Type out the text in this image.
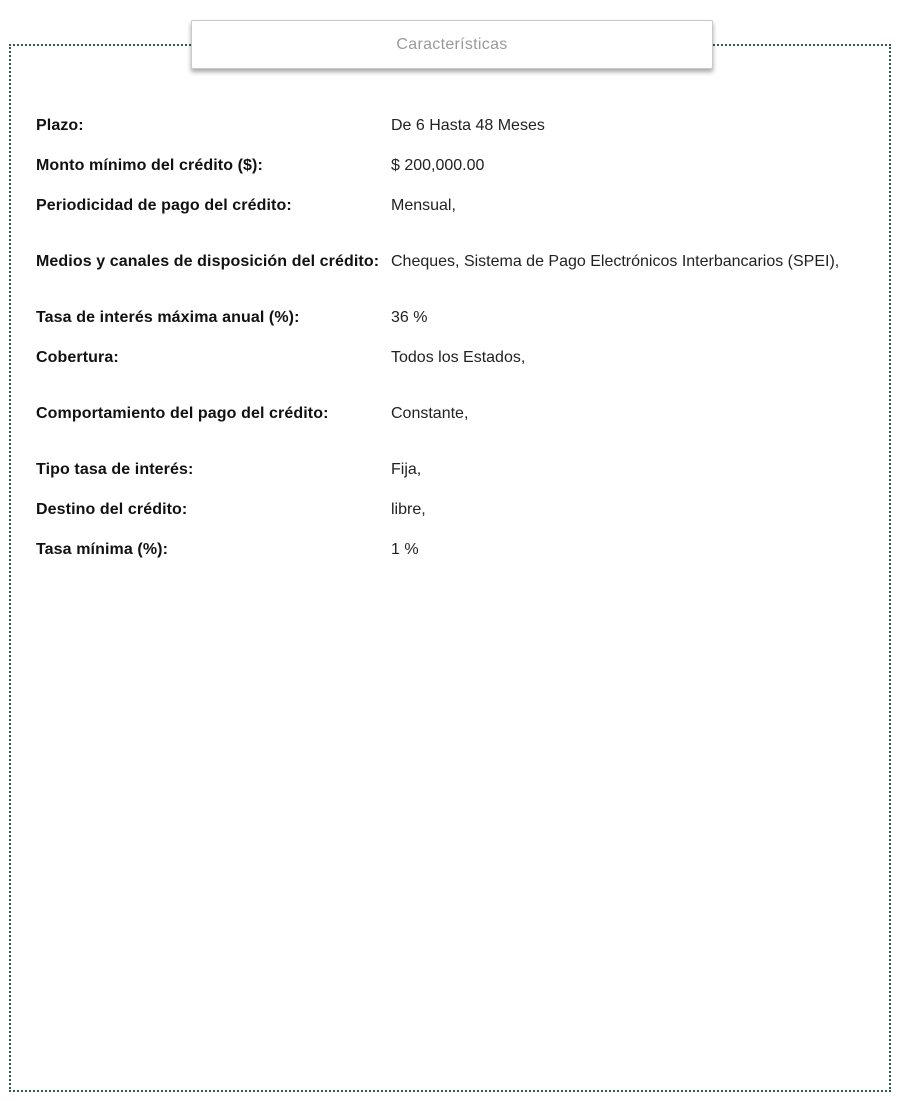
Características

Plazo:	De 6 Hasta 48 Meses
Monto mínimo del crédito ($):	$ 200,000.00
Periodicidad de pago del crédito:	Mensual,
Medios y canales de disposición del crédito: Cheques, Sistema de Pago Electrónicos Interbancarios (SPEI),
Tasa de interés máxima anual (%):	36 %
Cobertura:	Todos los Estados,
Comportamiento del pago del crédito:	Constante,
Tipo tasa de interés:	Fija,
Destino del crédito:	libre,
Tasa mínima (%):	1 %
